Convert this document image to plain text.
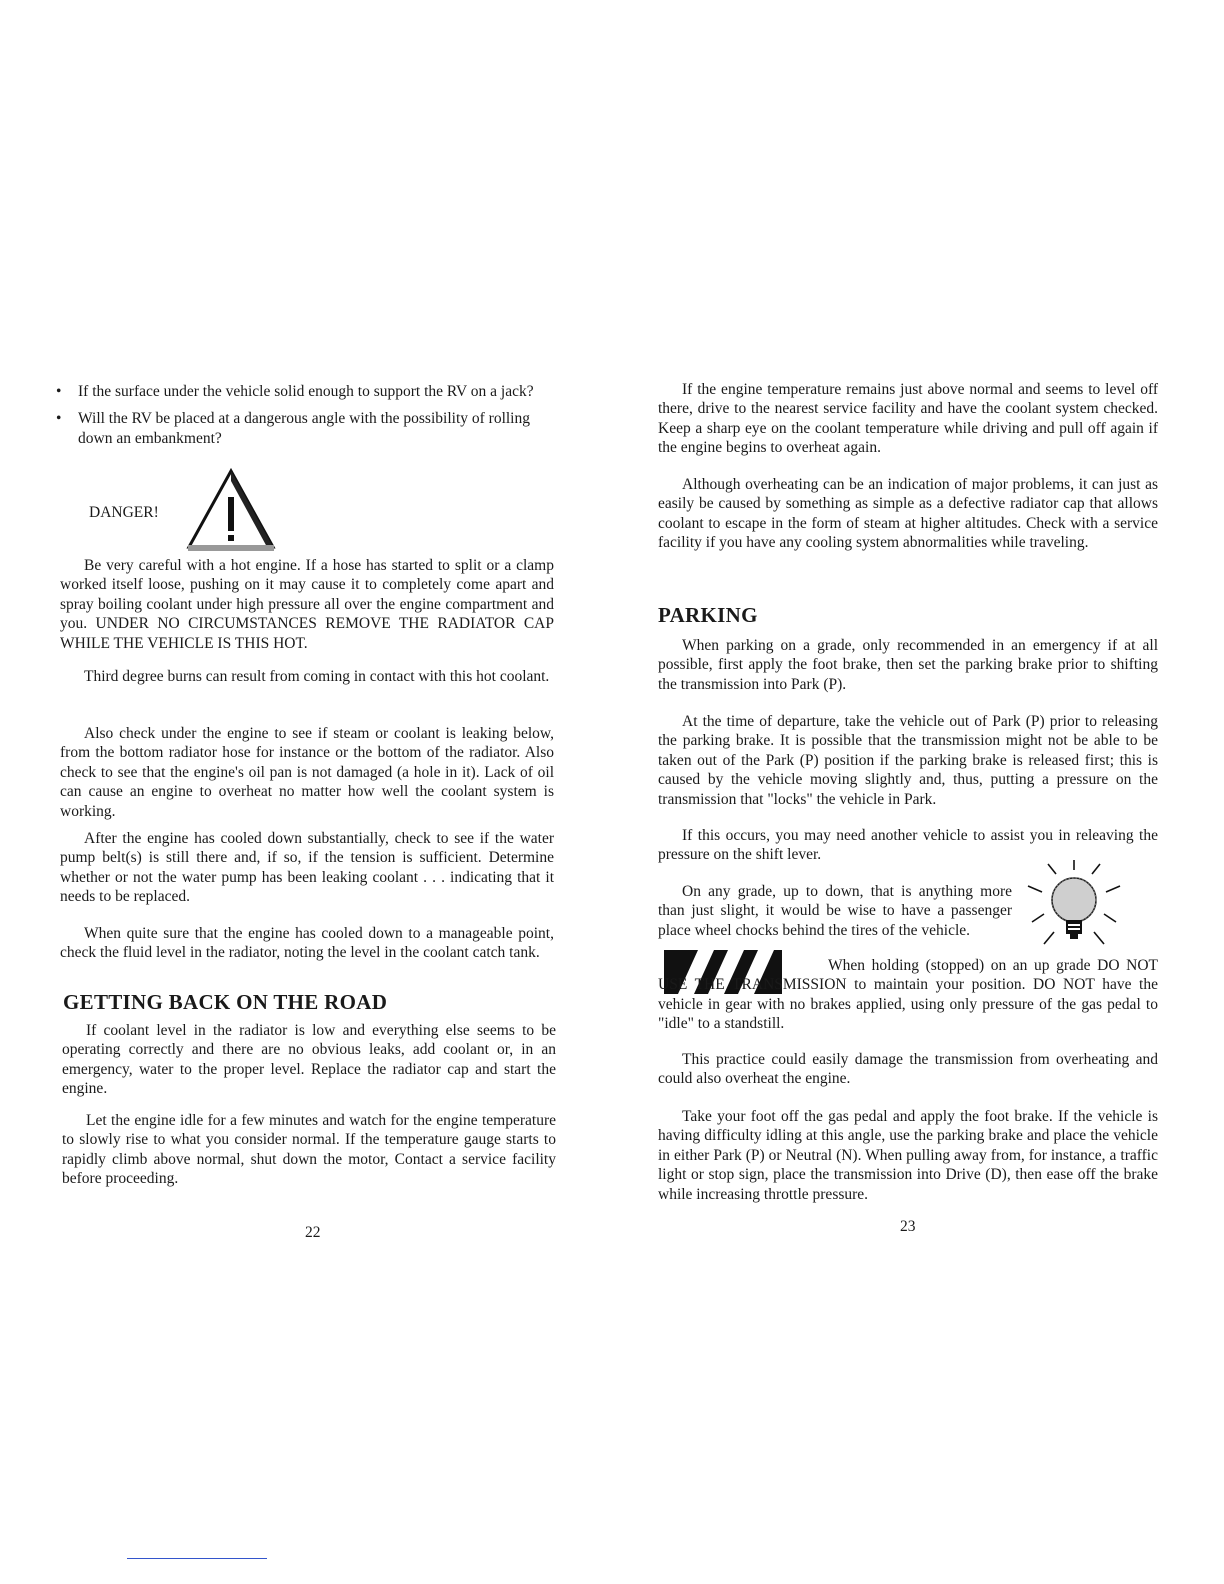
• If the surface under the vehicle solid enough to support the RV on a jack?
• Will the RV be placed at a dangerous angle with the possibility of rolling down an embankment?
DANGER!

Be very careful with a hot engine. If a hose has started to split or a clamp worked itself loose, pushing on it may cause it to completely come apart and spray boiling coolant under high pressure all over the engine compartment and you. UNDER NO CIRCUMSTANCES REMOVE THE RADIATOR CAP WHILE THE VEHICLE IS THIS HOT.

Third degree burns can result from coming in contact with this hot coolant.

Also check under the engine to see if steam or coolant is leaking below, from the bottom radiator hose for instance or the bottom of the radiator. Also check to see that the engine's oil pan is not damaged (a hole in it). Lack of oil can cause an engine to overheat no matter how well the coolant system is working.

After the engine has cooled down substantially, check to see if the water pump belt(s) is still there and, if so, if the tension is sufficient. Determine whether or not the water pump has been leaking coolant . . . indicating that it needs to be replaced.

When quite sure that the engine has cooled down to a manageable point, check the fluid level in the radiator, noting the level in the coolant catch tank.

GETTING BACK ON THE ROAD

If coolant level in the radiator is low and everything else seems to be operating correctly and there are no obvious leaks, add coolant or, in an emergency, water to the proper level. Replace the radiator cap and start the engine.

Let the engine idle for a few minutes and watch for the engine temperature to slowly rise to what you consider normal. If the temperature gauge starts to rapidly climb above normal, shut down the motor, Contact a service facility before proceeding.

22

If the engine temperature remains just above normal and seems to level off there, drive to the nearest service facility and have the coolant system checked. Keep a sharp eye on the coolant temperature while driving and pull off again if the engine begins to overheat again.

Although overheating can be an indication of major problems, it can just as easily be caused by something as simple as a defective radiator cap that allows coolant to escape in the form of steam at higher altitudes. Check with a service facility if you have any cooling system abnormalities while traveling.

PARKING

When parking on a grade, only recommended in an emergency if at all possible, first apply the foot brake, then set the parking brake prior to shifting the transmission into Park (P).

At the time of departure, take the vehicle out of Park (P) prior to releasing the parking brake. It is possible that the transmission might not be able to be taken out of the Park (P) position if the parking brake is released first; this is caused by the vehicle moving slightly and, thus, putting a pressure on the transmission that "locks" the vehicle in Park.

If this occurs, you may need another vehicle to assist you in releaving the pressure on the shift lever.

On any grade, up to down, that is anything more than just slight, it would be wise to have a passenger place wheel chocks behind the tires of the vehicle.

When holding (stopped) on an up grade DO NOT USE THE TRANSMISSION to maintain your position. DO NOT have the vehicle in gear with no brakes applied, using only pressure of the gas pedal to "idle" to a standstill.

This practice could easily damage the transmission from overheating and could also overheat the engine.

Take your foot off the gas pedal and apply the foot brake. If the vehicle is having difficulty idling at this angle, use the parking brake and place the vehicle in either Park (P) or Neutral (N). When pulling away from, for instance, a traffic light or stop sign, place the transmission into Drive (D), then ease off the brake while increasing throttle pressure.

23
